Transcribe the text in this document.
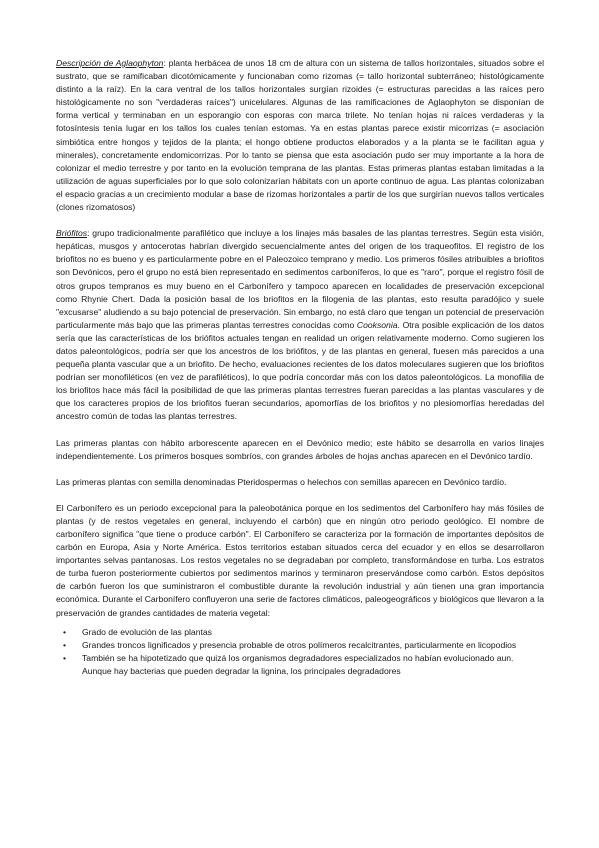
Descripción de Aglaophyton: planta herbácea de unos 18 cm de altura con un sistema de tallos horizontales, situados sobre el sustrato, que se ramificaban dicotómicamente y funcionaban como rizomas (= tallo horizontal subterráneo; histológicamente distinto a la raíz). En la cara ventral de los tallos horizontales surgían rizoides (= estructuras parecidas a las raíces pero histológicamente no son "verdaderas raíces") unicelulares. Algunas de las ramificaciones de Aglaophyton se disponían de forma vertical y terminaban en un esporangio con esporas con marca trilete. No tenían hojas ni raíces verdaderas y la fotosíntesis tenía lugar en los tallos los cuales tenían estomas. Ya en estas plantas parece existir micorrizas (= asociación simbiótica entre hongos y tejidos de la planta; el hongo obtiene productos elaborados y a la planta se le facilitan agua y minerales), concretamente endomicorrizas. Por lo tanto se piensa que esta asociación pudo ser muy importante a la hora de colonizar el medio terrestre y por tanto en la evolución temprana de las plantas. Estas primeras plantas estaban limitadas a la utilización de aguas superficiales por lo que solo colonizarían hábitats con un aporte continuo de agua. Las plantas colonizaban el espacio gracias a un crecimiento modular a base de rizomas horizontales a partir de los que surgirían nuevos tallos verticales (clones rizomatosos)

Briófitos: grupo tradicionalmente parafilético que incluye a los linajes más basales de las plantas terrestres. Según esta visión, hepáticas, musgos y antocerotas habrían divergido secuencialmente antes del origen de los traqueofitos. El registro de los briofitos no es bueno y es particularmente pobre en el Paleozoico temprano y medio. Los primeros fósiles atribuibles a briofitos son Devónicos, pero el grupo no está bien representado en sedimentos carboníferos, lo que es "raro", porque el registro fósil de otros grupos tempranos es muy bueno en el Carbonífero y tampoco aparecen en localidades de preservación excepcional como Rhynie Chert. Dada la posición basal de los briofitos en la filogenia de las plantas, esto resulta paradójico y suele "excusarse" aludiendo a su bajo potencial de preservación. Sin embargo, no está claro que tengan un potencial de preservación particularmente más bajo que las primeras plantas terrestres conocidas como Cooksonia. Otra posible explicación de los datos sería que las características de los briófitos actuales tengan en realidad un origen relativamente moderno. Como sugieren los datos paleontológicos, podría ser que los ancestros de los briófitos, y de las plantas en general, fuesen más parecidos a una pequeña planta vascular que a un briofito. De hecho, evaluaciones recientes de los datos moleculares sugieren que los briofitos podrían ser monofiléticos (en vez de parafiléticos), lo que podría concordar más con los datos paleontológicos. La monofilia de los briofitos hace más fácil la posibilidad de que las primeras plantas terrestres fueran parecidas a las plantas vasculares y de que los caracteres propios de los briofitos fueran secundarios, apomorfías de los briofitos y no plesiomorfías heredadas del ancestro común de todas las plantas terrestres.

Las primeras plantas con hábito arborescente aparecen en el Devónico medio; este hábito se desarrolla en varios linajes independientemente. Los primeros bosques sombríos, con grandes árboles de hojas anchas aparecen en el Devónico tardío.

Las primeras plantas con semilla denominadas Pteridospermas o helechos con semillas aparecen en Devónico tardío.

El Carbonífero es un periodo excepcional para la paleobotánica porque en los sedimentos del Carbonífero hay más fósiles de plantas (y de restos vegetales en general, incluyendo el carbón) que en ningún otro periodo geológico. El nombre de carbonífero significa "que tiene o produce carbón". El Carbonífero se caracteriza por la formación de importantes depósitos de carbón en Europa, Asia y Norte América. Estos territorios estaban situados cerca del ecuador y en ellos se desarrollaron importantes selvas pantanosas. Los restos vegetales no se degradaban por completo, transformándose en turba. Los estratos de turba fueron posteriormente cubiertos por sedimentos marinos y terminaron preservándose como carbón. Estos depósitos de carbón fueron los que suministraron el combustible durante la revolución industrial y aún tienen una gran importancia económica. Durante el Carbonífero confluyeron una serie de factores climáticos, paleogeográficos y biológicos que llevaron a la preservación de grandes cantidades de materia vegetal:

• Grado de evolución de las plantas
• Grandes troncos lignificados y presencia probable de otros polímeros recalcitrantes, particularmente en licopodios
• También se ha hipotetizado que quizá los organismos degradadores especializados no habían evolucionado aun. Aunque hay bacterias que pueden degradar la lignina, los principales degradadores
